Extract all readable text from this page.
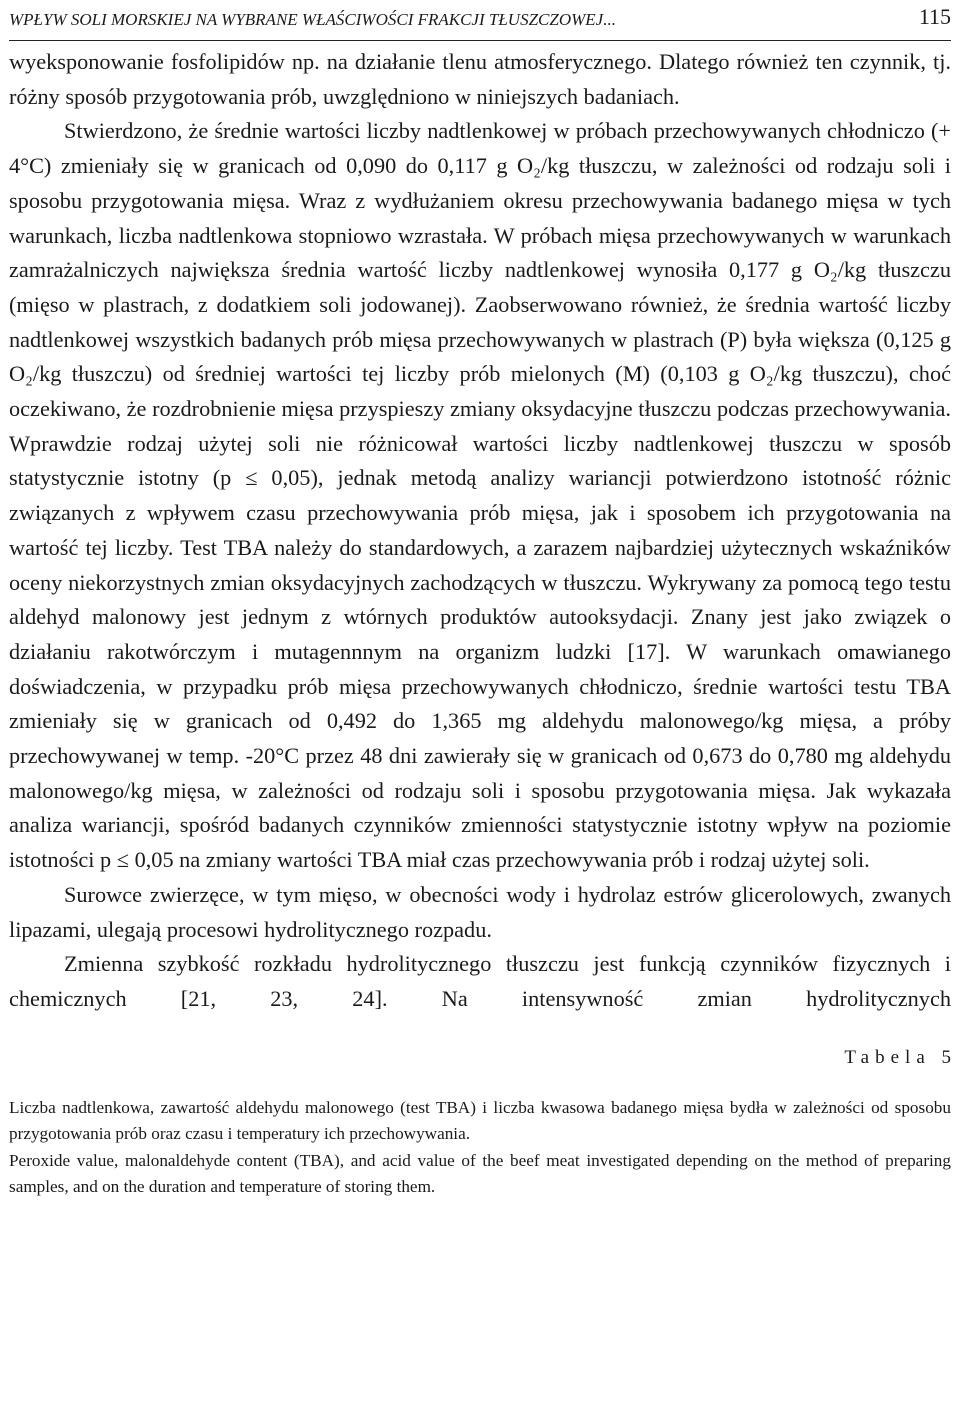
WPŁYW SOLI MORSKIEJ NA WYBRANE WŁAŚCIWOŚCI FRAKCJI TŁUSZCZOWEJ...	115

wyeksponowanie fosfolipidów np. na działanie tlenu atmosferycznego. Dlatego również ten czynnik, tj. różny sposób przygotowania prób, uwzględniono w niniejszych badaniach.

Stwierdzono, że średnie wartości liczby nadtlenkowej w próbach przechowywanych chłodniczo (+ 4°C) zmieniały się w granicach od 0,090 do 0,117 g O₂/kg tłuszczu, w zależności od rodzaju soli i sposobu przygotowania mięsa. Wraz z wydłużaniem okresu przechowywania badanego mięsa w tych warunkach, liczba nadtlenkowa stopniowo wzrastała. W próbach mięsa przechowywanych w warunkach zamrażalniczych największa średnia wartość liczby nadtlenkowej wynosiła 0,177 g O₂/kg tłuszczu (mięso w plastrach, z dodatkiem soli jodowanej). Zaobserwowano również, że średnia wartość liczby nadtlenkowej wszystkich badanych prób mięsa przechowywanych w plastrach (P) była większa (0,125 g O₂/kg tłuszczu) od średniej wartości tej liczby prób mielonych (M) (0,103 g O₂/kg tłuszczu), choć oczekiwano, że rozdrobnienie mięsa przyspieszy zmiany oksydacyjne tłuszczu podczas przechowywania. Wprawdzie rodzaj użytej soli nie różnicował wartości liczby nadtlenkowej tłuszczu w sposób statystycznie istotny (p ≤ 0,05), jednak metodą analizy wariancji potwierdzono istotność różnic związanych z wpływem czasu przechowywania prób mięsa, jak i sposobem ich przygotowania na wartość tej liczby. Test TBA należy do standardowych, a zarazem najbardziej użytecznych wskaźników oceny niekorzystnych zmian oksydacyjnych zachodzących w tłuszczu. Wykrywany za pomocą tego testu aldehyd malonowy jest jednym z wtórnych produktów autooksydacji. Znany jest jako związek o działaniu rakotwórczym i mutagennnym na organizm ludzki [17]. W warunkach omawianego doświadczenia, w przypadku prób mięsa przechowywanych chłodniczo, średnie wartości testu TBA zmieniały się w granicach od 0,492 do 1,365 mg aldehydu malonowego/kg mięsa, a próby przechowywanej w temp. -20°C przez 48 dni zawierały się w granicach od 0,673 do 0,780 mg aldehydu malonowego/kg mięsa, w zależności od rodzaju soli i sposobu przygotowania mięsa. Jak wykazała analiza wariancji, spośród badanych czynników zmienności statystycznie istotny wpływ na poziomie istotności p ≤ 0,05 na zmiany wartości TBA miał czas przechowywania prób i rodzaj użytej soli.

Surowce zwierzęce, w tym mięso, w obecności wody i hydrolaz estrów glicerolowych, zwanych lipazami, ulegają procesowi hydrolitycznego rozpadu.

Zmienna szybkość rozkładu hydrolitycznego tłuszczu jest funkcją czynników fizycznych i chemicznych [21, 23, 24]. Na intensywność zmian hydrolitycznych

Tabela 5

Liczba nadtlenkowa, zawartość aldehydu malonowego (test TBA) i liczba kwasowa badanego mięsa bydła w zależności od sposobu przygotowania prób oraz czasu i temperatury ich przechowywania.

Peroxide value, malonaldehyde content (TBA), and acid value of the beef meat investigated depending on the method of preparing samples, and on the duration and temperature of storing them.
